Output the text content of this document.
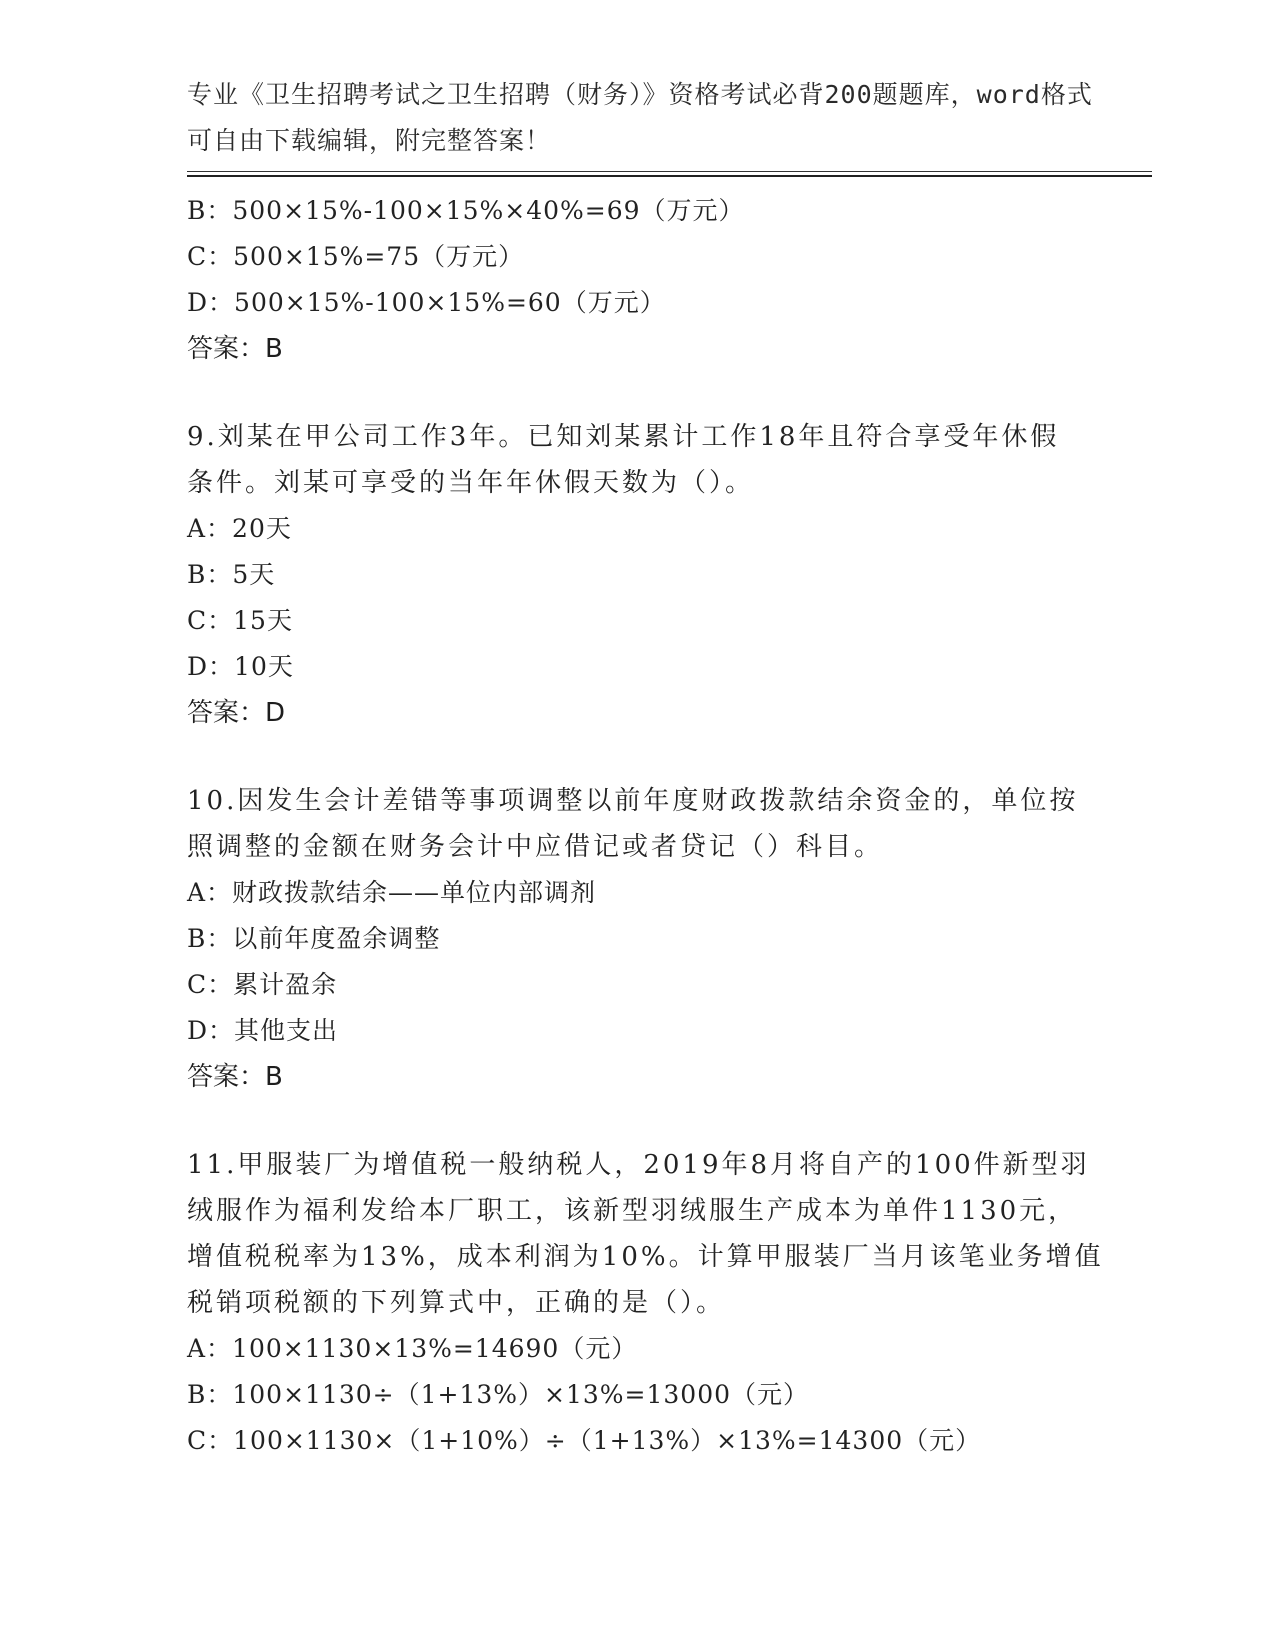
专业《卫生招聘考试之卫生招聘（财务）》资格考试必背200题题库，word格式
可自由下载编辑，附完整答案！
B：500×15%-100×15%×40%=69（万元）
C：500×15%=75（万元）
D：500×15%-100×15%=60（万元）
答案：B
9.刘某在甲公司工作3年。已知刘某累计工作18年且符合享受年休假
条件。刘某可享受的当年年休假天数为（）。
A：20天
B：5天
C：15天
D：10天
答案：D
10.因发生会计差错等事项调整以前年度财政拨款结余资金的，单位按
照调整的金额在财务会计中应借记或者贷记（）科目。
A：财政拨款结余——单位内部调剂
B：以前年度盈余调整
C：累计盈余
D：其他支出
答案：B
11.甲服装厂为增值税一般纳税人，2019年8月将自产的100件新型羽
绒服作为福利发给本厂职工，该新型羽绒服生产成本为单件1130元，
增值税税率为13%，成本利润为10%。计算甲服装厂当月该笔业务增值
税销项税额的下列算式中，正确的是（）。
A：100×1130×13%=14690（元）
B：100×1130÷（1+13%）×13%=13000（元）
C：100×1130×（1+10%）÷（1+13%）×13%=14300（元）
